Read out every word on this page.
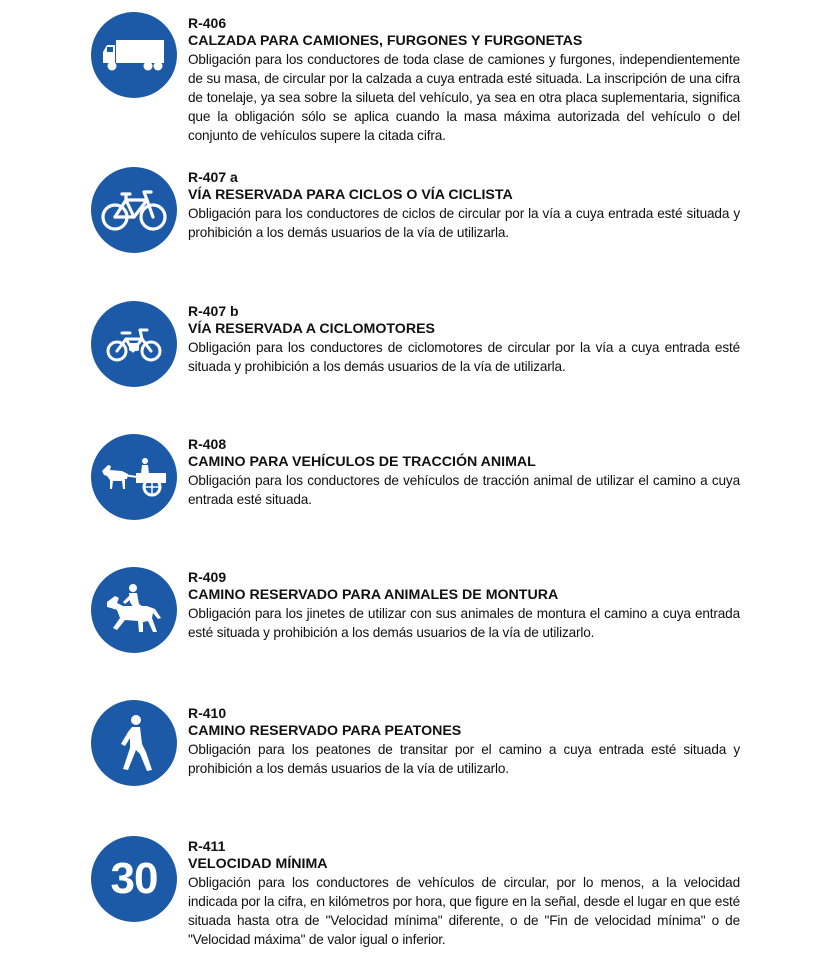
R-406
CALZADA PARA CAMIONES, FURGONES Y FURGONETAS
Obligación para los conductores de toda clase de camiones y furgones, independientemente de su masa, de circular por la calzada a cuya entrada esté situada. La inscripción de una cifra de tonelaje, ya sea sobre la silueta del vehículo, ya sea en otra placa suplementaria, significa que la obligación sólo se aplica cuando la masa máxima autorizada del vehículo o del conjunto de vehículos supere la citada cifra.
R-407 a
VÍA RESERVADA PARA CICLOS O VÍA CICLISTA
Obligación para los conductores de ciclos de circular por la vía a cuya entrada esté situada y prohibición a los demás usuarios de la vía de utilizarla.
R-407 b
VÍA RESERVADA A CICLOMOTORES
Obligación para los conductores de ciclomotores de circular por la vía a cuya entrada esté situada y prohibición a los demás usuarios de la vía de utilizarla.
R-408
CAMINO PARA VEHÍCULOS DE TRACCIÓN ANIMAL
Obligación para los conductores de vehículos de tracción animal de utilizar el camino a cuya entrada esté situada.
R-409
CAMINO RESERVADO PARA ANIMALES DE MONTURA
Obligación para los jinetes de utilizar con sus animales de montura el camino a cuya entrada esté situada y prohibición a los demás usuarios de la vía de utilizarlo.
R-410
CAMINO RESERVADO PARA PEATONES
Obligación para los peatones de transitar por el camino a cuya entrada esté situada y prohibición a los demás usuarios de la vía de utilizarlo.
30
R-411
VELOCIDAD MÍNIMA
Obligación para los conductores de vehículos de circular, por lo menos, a la velocidad indicada por la cifra, en kilómetros por hora, que figure en la señal, desde el lugar en que esté situada hasta otra de "Velocidad mínima" diferente, o de "Fin de velocidad mínima" o de "Velocidad máxima" de valor igual o inferior.
